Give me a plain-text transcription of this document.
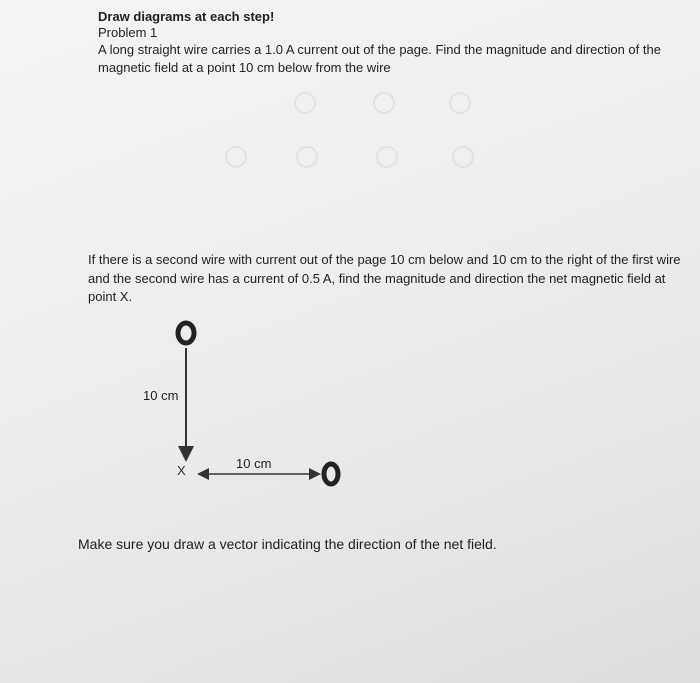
Draw diagrams at each step!
Problem 1
A long straight wire carries a 1.0 A current out of the page. Find the magnitude and direction of the magnetic field at a point 10 cm below from the wire
If there is a second wire with current out of the page 10 cm below and 10 cm to the right of the first wire and the second wire has a current of 0.5 A, find the magnitude and direction the net magnetic field at point X.
10 cm
10 cm
X
Make sure you draw a vector indicating the direction of the net field.
